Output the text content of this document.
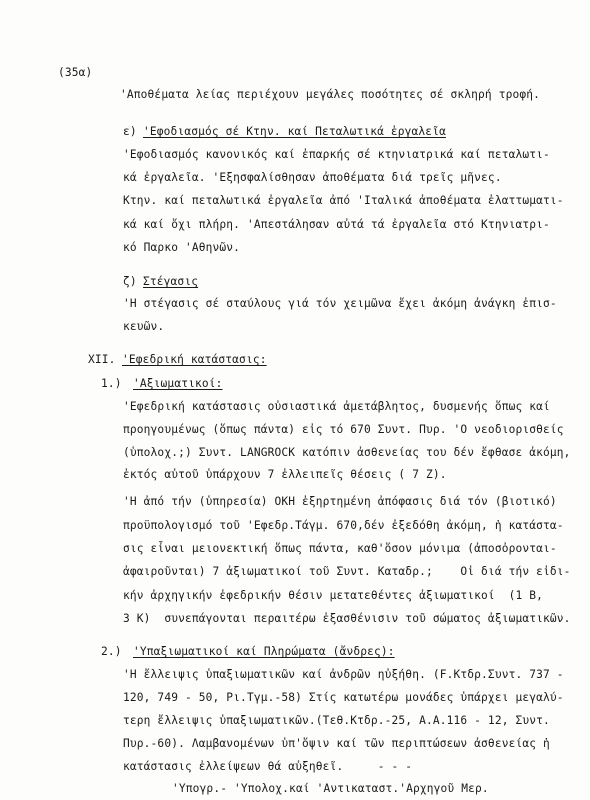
(35α)
'Αποθέματα λείας περιέχουν μεγάλες ποσότητες σέ σκληρή τροφή.
ε) 'Εφοδιασμός σέ Κτην. καί Πεταλωτικά ἐργαλεῖα
'Εφοδιασμός κανονικός καί ἐπαρκής σέ κτηνιατρικά καί πεταλωτι-
κά ἐργαλεῖα. 'Εξησφαλίσθησαν ἀποθέματα διά τρεῖς μῆνες.
Κτην. καί πεταλωτικά ἐργαλεῖα ἀπό 'Ιταλικά ἀποθέματα ἐλαττωματι-
κά καί ὄχι πλήρη. 'Απεστάλησαν αὐτά τά ἐργαλεῖα στό Κτηνιατρι-
κό Παρκο 'Αθηνῶν.
ζ) Στέγασις
'Η στέγασις σέ σταύλους γιά τόν χειμῶνα ἔχει ἀκόμη ἀνάγκη ἐπισ-
κευῶν.
XII. 'Εφεδρική κατάστασις:
1.) 'Αξιωματικοί:
'Εφεδρική κατάστασις οὐσιαστικά ἀμετάβλητος, δυσμενής ὅπως καί
προηγουμένως (ὅπως πάντα) εἰς τό 670 Συντ. Πυρ. 'Ο νεοδιορισθείς
(ὑπολοχ.;) Συντ. LANGROCK κατόπιν ἀσθενείας του δέν ἔφθασε ἀκόμη,
ἐκτός αὐτοῦ ὑπάρχουν 7 ἐλλειπεῖς θέσεις ( 7 Ζ).
'Η ἀπό τήν (ὑπηρεσία) ΟΚΗ ἐξηρτημένη ἀπόφασις διά τόν (βιοτικό)
προϋπολογισμό τοῦ 'Εφεδρ.Τάγμ. 670,δέν ἐξεδόθη ἀκόμη, ἡ κατάστα-
σις εἶναι μειονεκτική ὅπως πάντα, καθ'ὅσον μόνιμα (ἀποσὀρονται-
ἀφαιροῦνται) 7 ἀξιωματικοί τοῦ Συντ. Καταδρ.;    Οἱ διά τήν εἰδι-
κήν ἀρχηγικήν ἐφεδρικήν θέσιν μετατεθέντες ἀξιωματικοί  (1 Β,
3 Κ)  συνεπάγονται περαιτέρω ἐξασθένισιν τοῦ σώματος ἀξιωματικῶν.
2.) 'Υπαξιωματικοί καί Πληρώματα (ἄνδρες):
'Η ἔλλειψις ὑπαξιωματικῶν καί ἀνδρῶν ηὐξήθη. (F.Κτδρ.Συντ. 737 -
120, 749 - 50, Pι.Τγμ.-58) Στίς κατωτέρω μονάδες ὑπάρχει μεγαλύ-
τερη ἔλλειψις ὑπαξιωματικῶν.(Τεθ.Κτδρ.-25, Α.Α.116 - 12, Συντ.
Πυρ.-60). Λαμβανομένων ὑπ'ὄψιν καί τῶν περιπτώσεων ἀσθενείας ἡ
κατάστασις ἐλλείψεων θά αὐξηθεῖ.     - - -
'Υπογρ.- 'Υπολοχ.καί 'Αντικαταστ.'Αρχηγοῦ Μερ.
